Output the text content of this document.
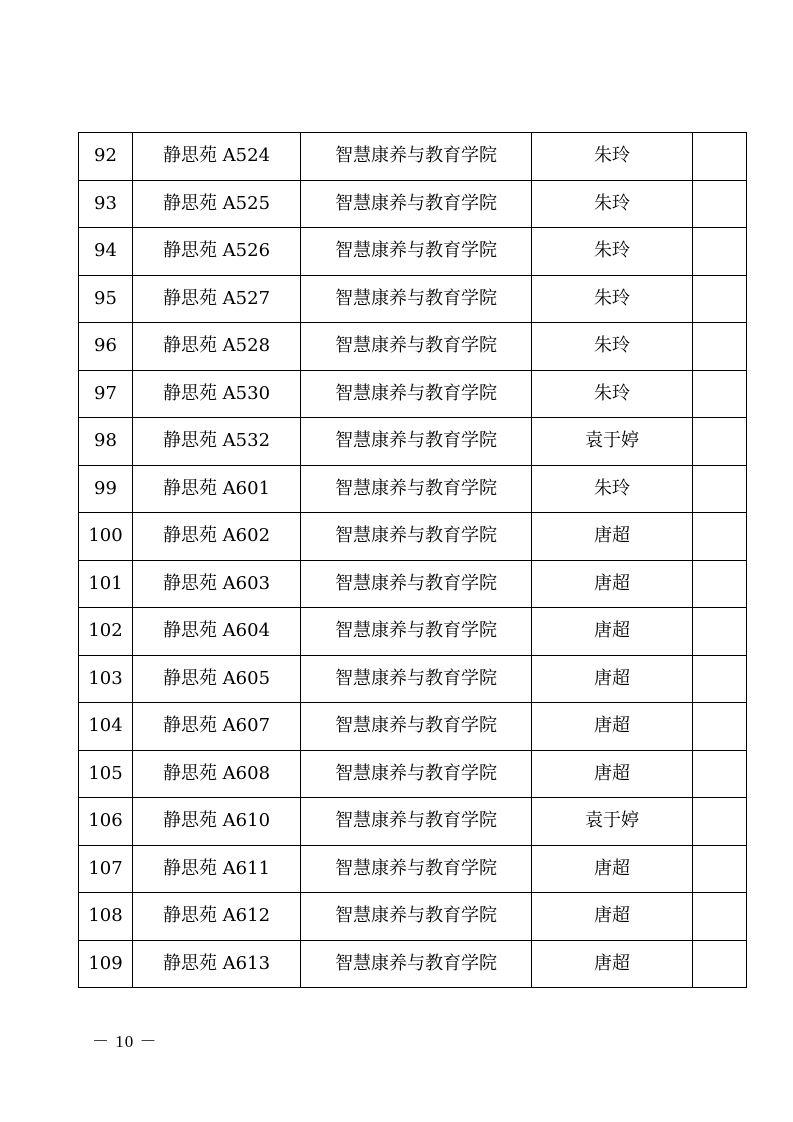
92	静思苑 A524	智慧康养与教育学院	朱玲	
93	静思苑 A525	智慧康养与教育学院	朱玲	
94	静思苑 A526	智慧康养与教育学院	朱玲	
95	静思苑 A527	智慧康养与教育学院	朱玲	
96	静思苑 A528	智慧康养与教育学院	朱玲	
97	静思苑 A530	智慧康养与教育学院	朱玲	
98	静思苑 A532	智慧康养与教育学院	袁于婷	
99	静思苑 A601	智慧康养与教育学院	朱玲	
100	静思苑 A602	智慧康养与教育学院	唐超	
101	静思苑 A603	智慧康养与教育学院	唐超	
102	静思苑 A604	智慧康养与教育学院	唐超	
103	静思苑 A605	智慧康养与教育学院	唐超	
104	静思苑 A607	智慧康养与教育学院	唐超	
105	静思苑 A608	智慧康养与教育学院	唐超	
106	静思苑 A610	智慧康养与教育学院	袁于婷	
107	静思苑 A611	智慧康养与教育学院	唐超	
108	静思苑 A612	智慧康养与教育学院	唐超	
109	静思苑 A613	智慧康养与教育学院	唐超	
－ 10 －
